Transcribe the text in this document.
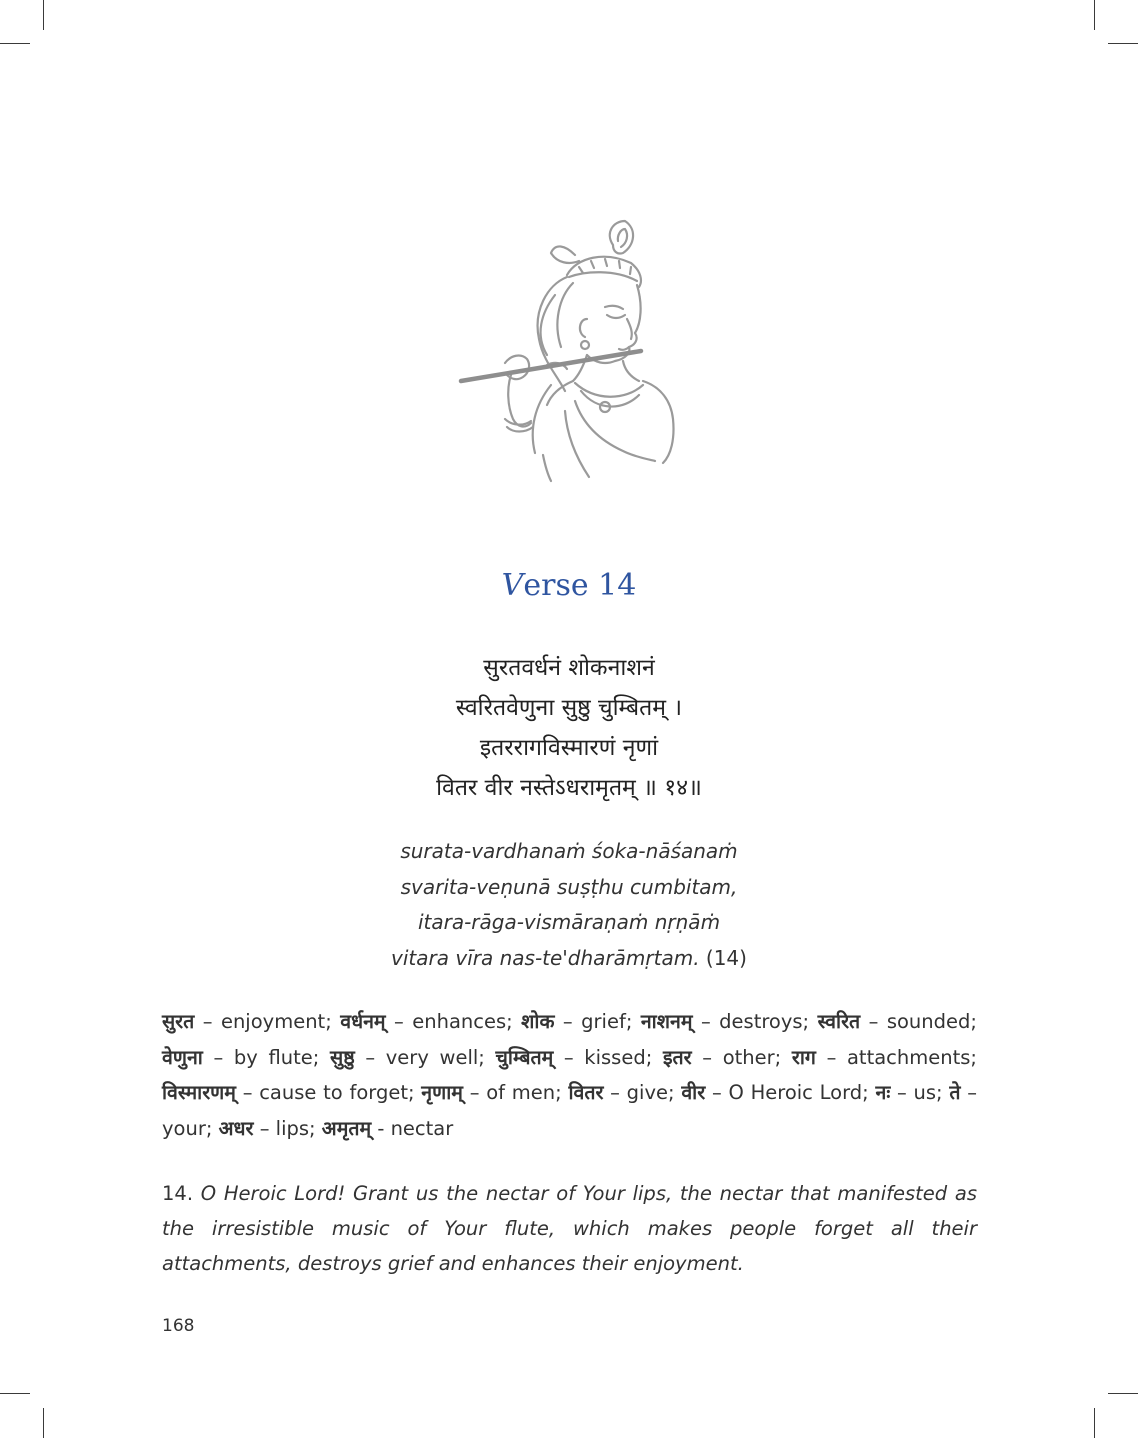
Verse 14
सुरतवर्धनं शोकनाशनं
स्वरितवेणुना सुष्ठु चुम्बितम् ।
इतररागविस्मारणं नृणां
वितर वीर नस्तेऽधरामृतम् ॥ १४॥
surata-vardhanaṁ śoka-nāśanaṁ
svarita-veṇunā suṣṭhu cumbitam,
itara-rāga-vismāraṇaṁ nṛṇāṁ
vitara vīra nas-te'dharāmṛtam. (14)
सुरत – enjoyment; वर्धनम् – enhances; शोक – grief; नाशनम् – destroys; स्वरित – sounded; वेणुना – by flute; सुष्ठु – very well; चुम्बितम् – kissed; इतर – other; राग – attachments; विस्मारणम् – cause to forget; नृणाम् – of men; वितर – give; वीर – O Heroic Lord; नः – us; ते – your; अधर – lips; अमृतम् - nectar
14. O Heroic Lord! Grant us the nectar of Your lips, the nectar that manifested as the irresistible music of Your flute, which makes people forget all their attachments, destroys grief and enhances their enjoyment.
168
